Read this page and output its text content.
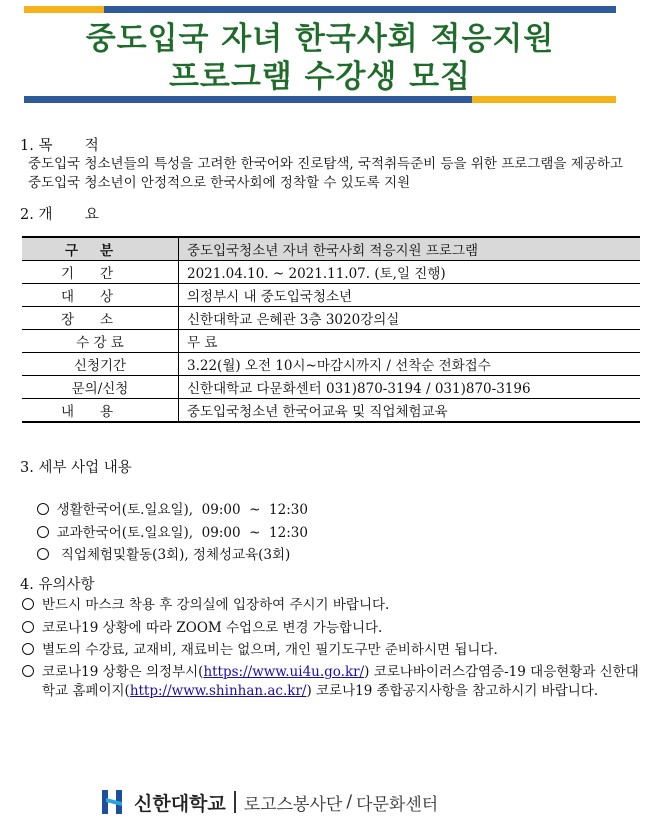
중도입국 자녀 한국사회 적응지원
프로그램 수강생 모집
1. 목       적
중도입국 청소년들의 특성을 고려한 한국어와 진로탐색, 국적취득준비 등을 위한 프로그램을 제공하고 중도입국 청소년이 안정적으로 한국사회에 정착할 수 있도록 지원
2. 개       요
구분	중도입국청소년 자녀 한국사회 적응지원 프로그램
기간	2021.04.10. ~ 2021.11.07. (토,일 진행)
대상	의정부시 내 중도입국청소년
장소	신한대학교 은혜관 3층 3020강의실
수 강 료	무 료
신청기간	3.22(월) 오전 10시~마감시까지 / 선착순 전화접수
문의/신청	신한대학교 다문화센터 031)870-3194 / 031)870-3196
내용	중도입국청소년 한국어교육 및 직업체험교육
3. 세부 사업 내용

생활한국어(토.일요일),  09:00  ~  12:30

교과한국어(토.일요일),  09:00  ~  12:30

직업체험및활동(3회), 정체성교육(3회)

4. 유의사항
반드시 마스크 착용 후 강의실에 입장하여 주시기 바랍니다.
코로나19 상황에 따라 ZOOM 수업으로 변경 가능합니다.
별도의 수강료, 교재비, 재료비는 없으며, 개인 필기도구만 준비하시면 됩니다.
코로나19 상황은 의정부시(https://www.ui4u.go.kr/) 코로나바이러스감염증-19 대응현황과 신한대학교 홈페이지(http://www.shinhan.ac.kr/) 코로나19 종합공지사항을 참고하시기 바랍니다.
신한대학교 로고스봉사단 / 다문화센터
